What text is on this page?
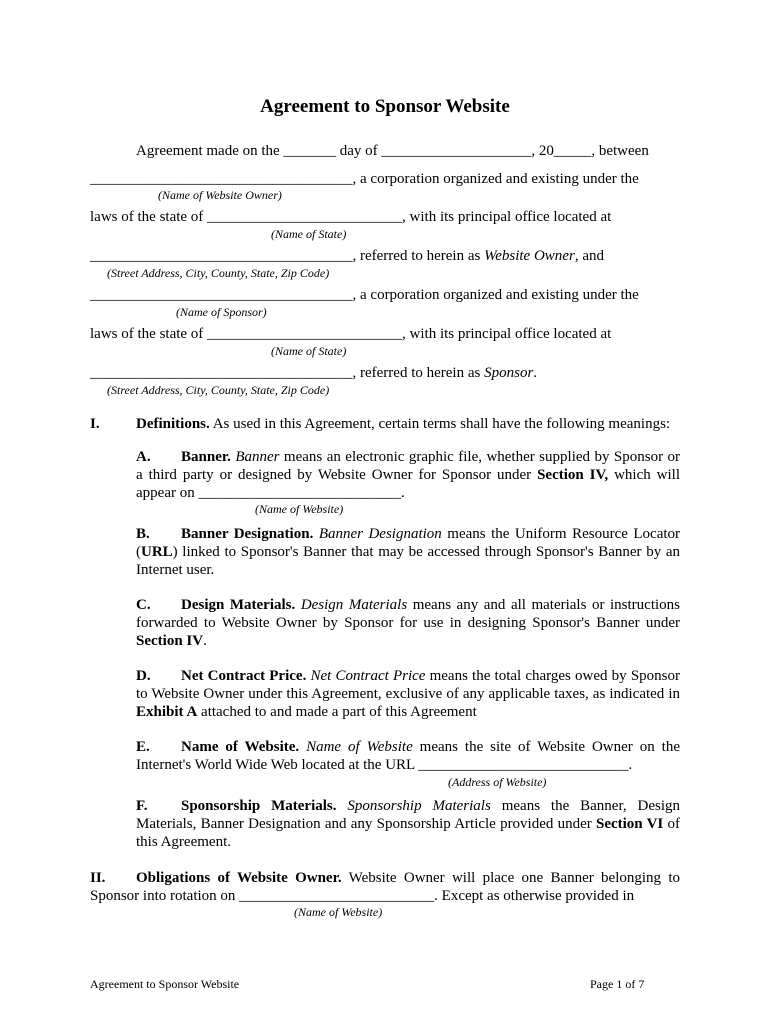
Agreement to Sponsor Website
Agreement made on the _______ day of ____________________, 20_____, between
___________________________________, a corporation organized and existing under the
(Name of Website Owner)
laws of the state of __________________________, with its principal office located at
(Name of State)
___________________________________, referred to herein as Website Owner, and
(Street Address, City, County, State, Zip Code)
___________________________________, a corporation organized and existing under the
(Name of Sponsor)
laws of the state of __________________________, with its principal office located at
(Name of State)
___________________________________, referred to herein as Sponsor.
(Street Address, City, County, State, Zip Code)
I. Definitions. As used in this Agreement, certain terms shall have the following meanings:
A. Banner. Banner means an electronic graphic file, whether supplied by Sponsor or a third party or designed by Website Owner for Sponsor under Section IV, which will appear on ___________________________.
(Name of Website)
B. Banner Designation. Banner Designation means the Uniform Resource Locator (URL) linked to Sponsor's Banner that may be accessed through Sponsor's Banner by an Internet user.
C. Design Materials. Design Materials means any and all materials or instructions forwarded to Website Owner by Sponsor for use in designing Sponsor's Banner under Section IV.
D. Net Contract Price. Net Contract Price means the total charges owed by Sponsor to Website Owner under this Agreement, exclusive of any applicable taxes, as indicated in Exhibit A attached to and made a part of this Agreement
E. Name of Website. Name of Website means the site of Website Owner on the Internet's World Wide Web located at the URL ____________________________.
(Address of Website)
F. Sponsorship Materials. Sponsorship Materials means the Banner, Design Materials, Banner Designation and any Sponsorship Article provided under Section VI of this Agreement.
II. Obligations of Website Owner. Website Owner will place one Banner belonging to Sponsor into rotation on __________________________. Except as otherwise provided in
(Name of Website)
Agreement to Sponsor Website	Page 1 of 7
